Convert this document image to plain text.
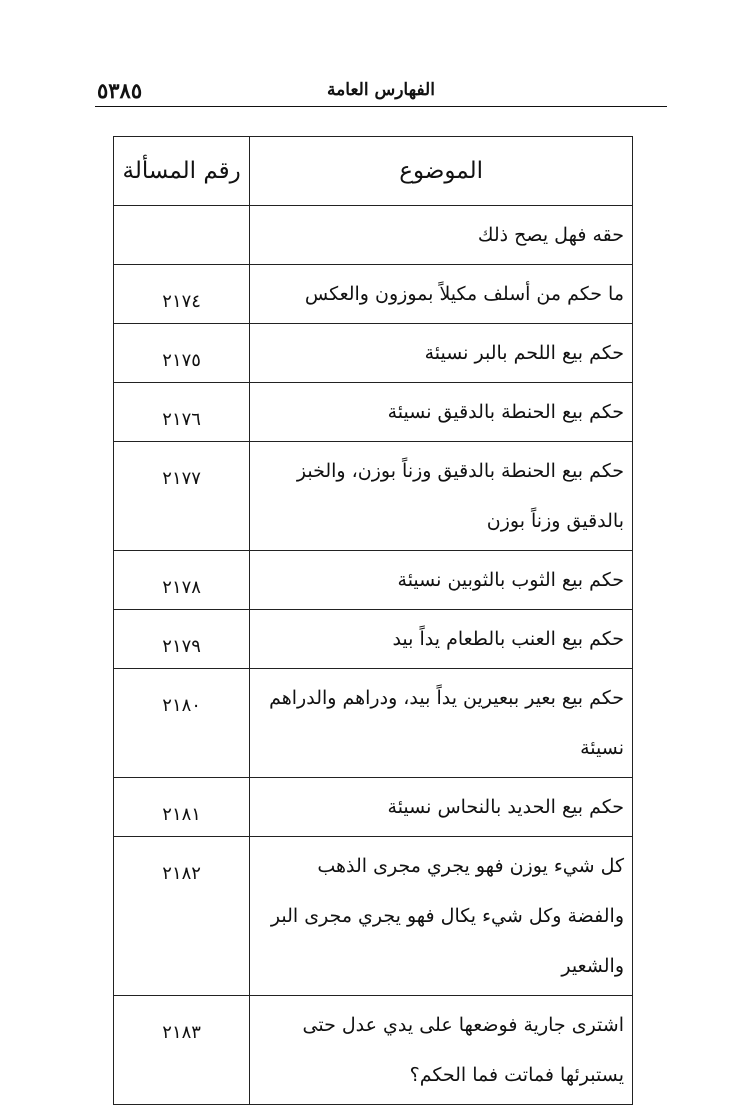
٥٣٨٥	الفهارس العامة
الموضوع	رقم المسألة
حقه فهل يصح ذلك	
ما حكم من أسلف مكيلاً بموزون والعكس	٢١٧٤
حكم بيع اللحم بالبر نسيئة	٢١٧٥
حكم بيع الحنطة بالدقيق نسيئة	٢١٧٦
حكم بيع الحنطة بالدقيق وزناً بوزن، والخبز بالدقيق وزناً بوزن	٢١٧٧
حكم بيع الثوب بالثوبين نسيئة	٢١٧٨
حكم بيع العنب بالطعام يداً بيد	٢١٧٩
حكم بيع بعير ببعيرين يداً بيد، ودراهم والدراهم نسيئة	٢١٨٠
حكم بيع الحديد بالنحاس نسيئة	٢١٨١
كل شيء يوزن فهو يجري مجرى الذهب والفضة وكل شيء يكال فهو يجري مجرى البر والشعير	٢١٨٢
اشترى جارية فوضعها على يدي عدل حتى يستبرئها فماتت فما الحكم؟	٢١٨٣
